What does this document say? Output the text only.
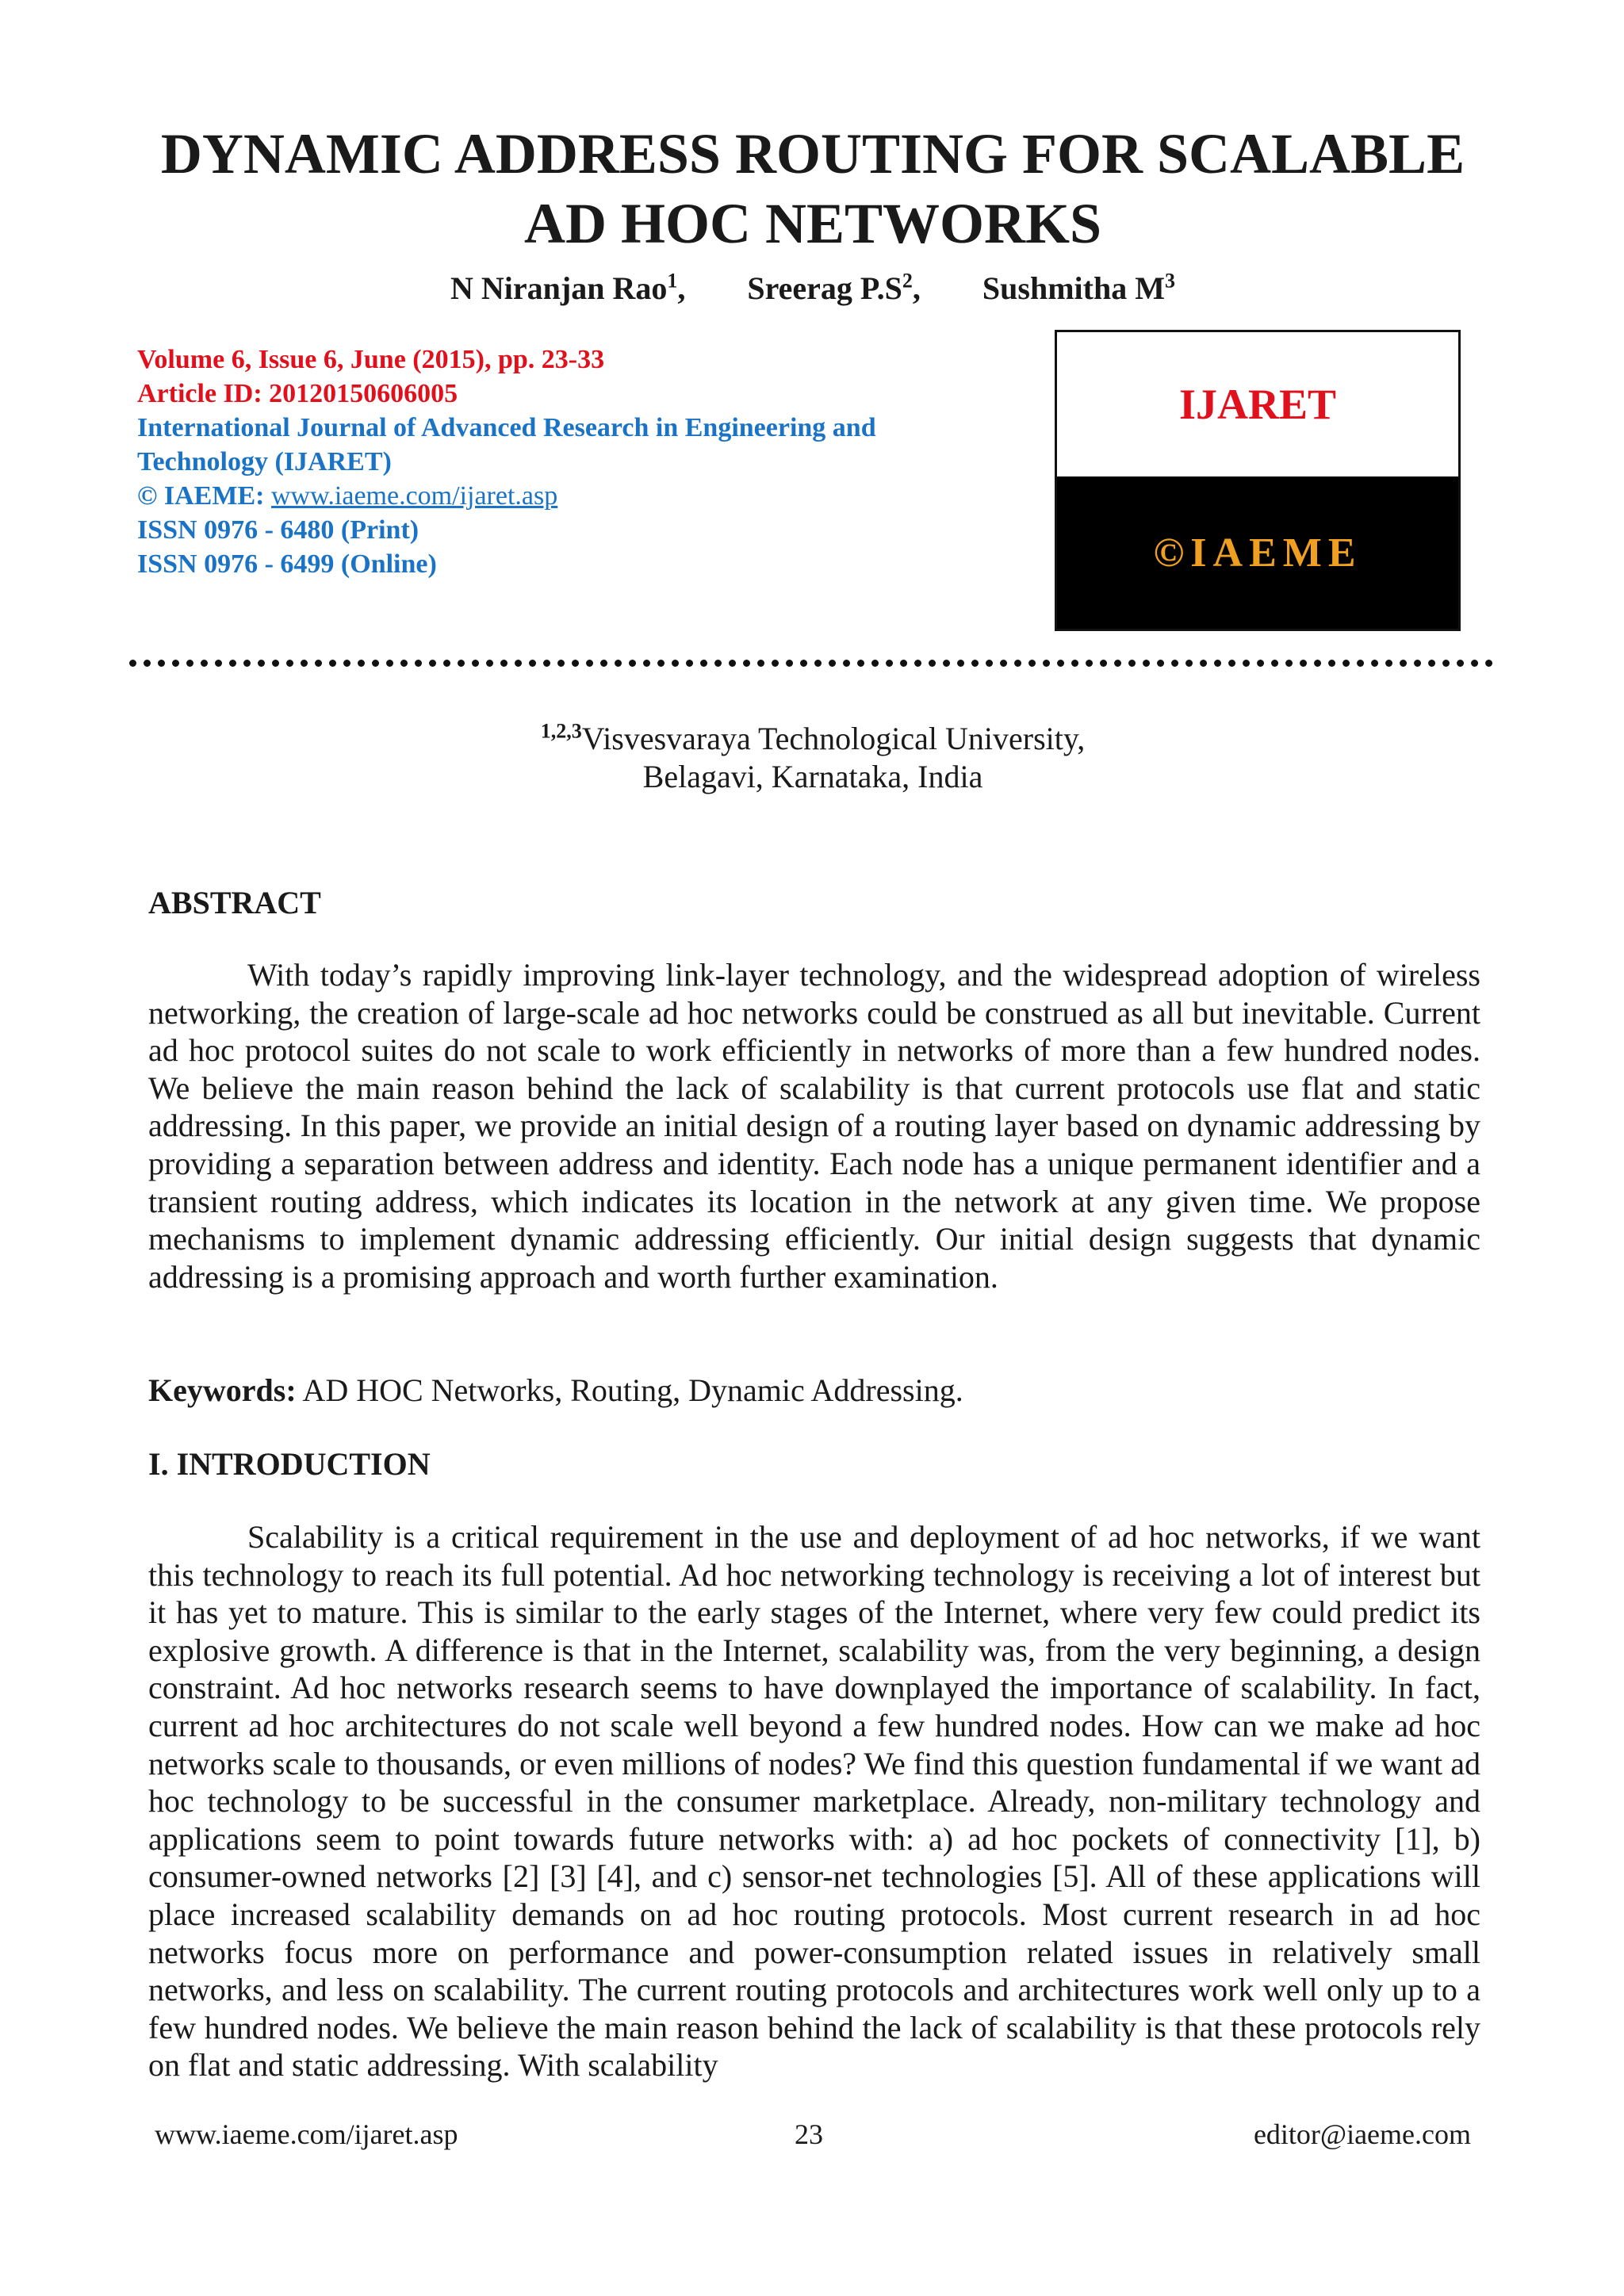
DYNAMIC ADDRESS ROUTING FOR SCALABLE AD HOC NETWORKS
N Niranjan Rao$^1$, Sreerag $P.S^2$, Sushmitha $M^3$
Volume 6, Issue 6, June (2015), pp. 23-33
Article ID: 20120150606005
International Journal of Advanced Research in Engineering and Technology (IJARET)
© IAEME: www.iaeme.com/ijaret.asp
ISSN 0976 - 6480 (Print)
ISSN 0976 - 6499 (Online)
IJARET
©IAEME
$^{1,2,3}$Visvesvaraya Technological University,
Belagavi, Karnataka, India
ABSTRACT

With today’s rapidly improving link-layer technology, and the widespread adoption of wireless networking, the creation of large-scale ad hoc networks could be construed as all but inevitable. Current ad hoc protocol suites do not scale to work efficiently in networks of more than a few hundred nodes. We believe the main reason behind the lack of scalability is that current protocols use flat and static addressing. In this paper, we provide an initial design of a routing layer based on dynamic addressing by providing a separation between address and identity. Each node has a unique permanent identifier and a transient routing address, which indicates its location in the network at any given time. We propose mechanisms to implement dynamic addressing efficiently. Our initial design suggests that dynamic addressing is a promising approach and worth further examination.

Keywords: AD HOC Networks, Routing, Dynamic Addressing.
I. INTRODUCTION

Scalability is a critical requirement in the use and deployment of ad hoc networks, if we want this technology to reach its full potential. Ad hoc networking technology is receiving a lot of interest but it has yet to mature. This is similar to the early stages of the Internet, where very few could predict its explosive growth. A difference is that in the Internet, scalability was, from the very beginning, a design constraint. Ad hoc networks research seems to have downplayed the importance of scalability. In fact, current ad hoc architectures do not scale well beyond a few hundred nodes. How can we make ad hoc networks scale to thousands, or even millions of nodes? We find this question fundamental if we want ad hoc technology to be successful in the consumer marketplace. Already, non-military technology and applications seem to point towards future networks with: a) ad hoc pockets of connectivity [1], b) consumer-owned networks [2] [3] [4], and c) sensor-net technologies [5]. All of these applications will place increased scalability demands on ad hoc routing protocols. Most current research in ad hoc networks focus more on performance and power-consumption related issues in relatively small networks, and less on scalability. The current routing protocols and architectures work well only up to a few hundred nodes. We believe the main reason behind the lack of scalability is that these protocols rely on flat and static addressing. With scalability

www.iaeme.com/ijaret.asp	23	editor@iaeme.com
